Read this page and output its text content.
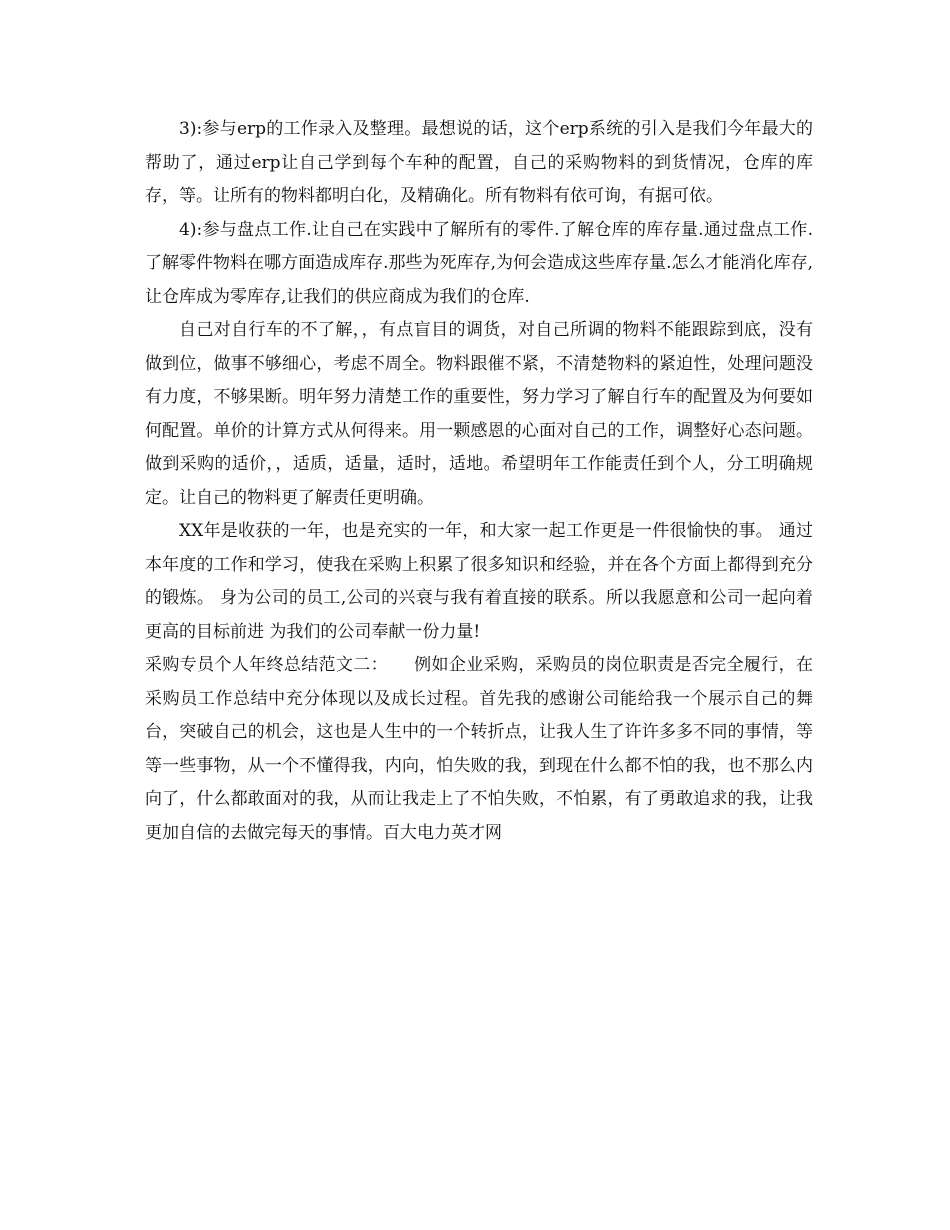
3):参与erp的工作录入及整理。最想说的话，这个erp系统的引入是我们今年最大的帮助了，通过erp让自己学到每个车种的配置，自己的采购物料的到货情况，仓库的库存，等。让所有的物料都明白化，及精确化。所有物料有依可询，有据可依。

4):参与盘点工作.让自己在实践中了解所有的零件.了解仓库的库存量.通过盘点工作.了解零件物料在哪方面造成库存.那些为死库存,为何会造成这些库存量.怎么才能消化库存,让仓库成为零库存,让我们的供应商成为我们的仓库.

自己对自行车的不了解，，有点盲目的调货，对自己所调的物料不能跟踪到底，没有做到位，做事不够细心，考虑不周全。物料跟催不紧，不清楚物料的紧迫性，处理问题没有力度，不够果断。明年努力清楚工作的重要性，努力学习了解自行车的配置及为何要如何配置。单价的计算方式从何得来。用一颗感恩的心面对自己的工作，调整好心态问题。做到采购的适价，，适质，适量，适时，适地。希望明年工作能责任到个人，分工明确规定。让自己的物料更了解责任更明确。

XX年是收获的一年，也是充实的一年，和大家一起工作更是一件很愉快的事。 通过本年度的工作和学习，使我在采购上积累了很多知识和经验，并在各个方面上都得到充分的锻炼。 身为公司的员工,公司的兴衰与我有着直接的联系。所以我愿意和公司一起向着更高的目标前进 为我们的公司奉献一份力量!

采购专员个人年终总结范文二：　　例如企业采购，采购员的岗位职责是否完全履行，在采购员工作总结中充分体现以及成长过程。首先我的感谢公司能给我一个展示自己的舞台，突破自己的机会，这也是人生中的一个转折点，让我人生了许许多多不同的事情，等等一些事物，从一个不懂得我，内向，怕失败的我，到现在什么都不怕的我，也不那么内向了，什么都敢面对的我，从而让我走上了不怕失败，不怕累，有了勇敢追求的我，让我更加自信的去做完每天的事情。百大电力英才网
